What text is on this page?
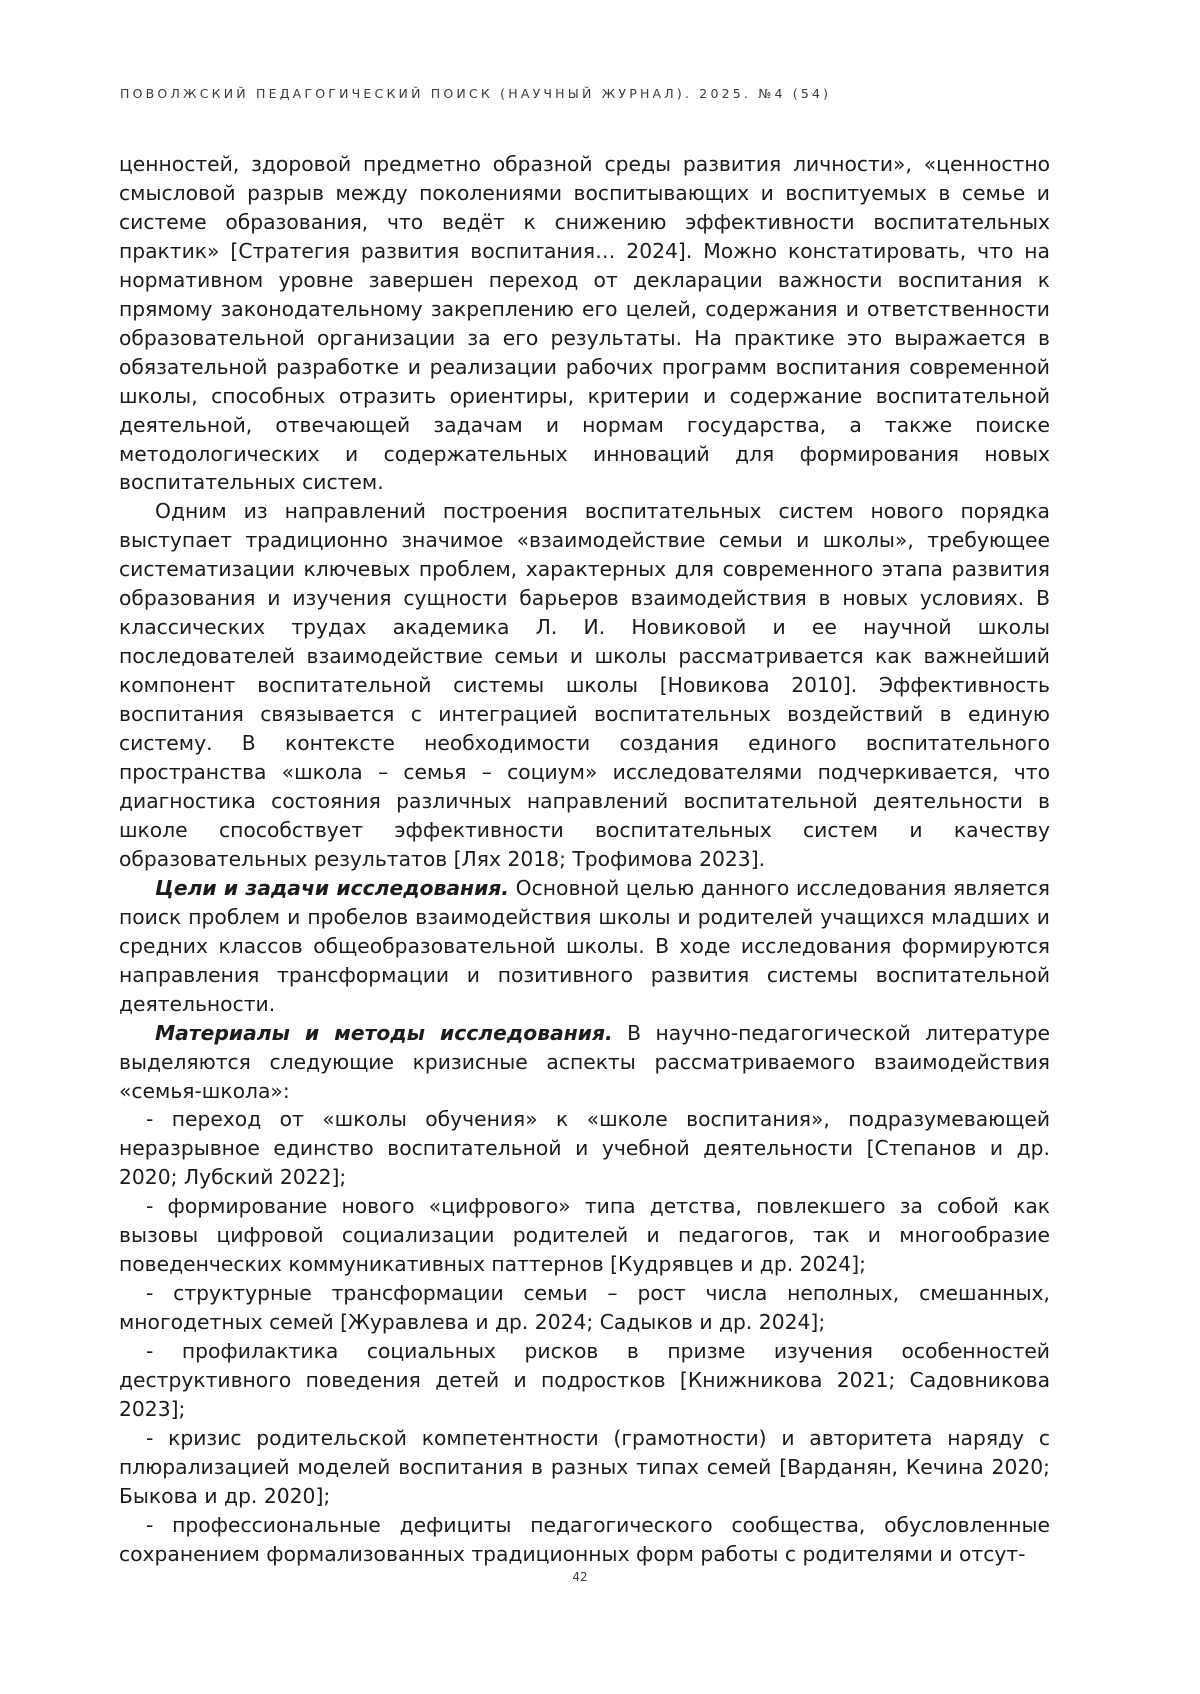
ПОВОЛЖСКИЙ ПЕДАГОГИЧЕСКИЙ ПОИСК (НАУЧНЫЙ ЖУРНАЛ). 2025. №4 (54)

ценностей, здоровой предметно образной среды развития личности», «ценностно смысловой разрыв между поколениями воспитывающих и воспитуемых в семье и системе образования, что ведёт к снижению эффективности воспитательных практик» [Стратегия развития воспитания… 2024]. Можно констатировать, что на нормативном уровне завершен переход от декларации важности воспитания к прямому законодательному закреплению его целей, содержания и ответственности образовательной организации за его результаты. На практике это выражается в обязательной разработке и реализации рабочих программ воспитания современной школы, способных отразить ориентиры, критерии и содержание воспитательной деятельной, отвечающей задачам и нормам государства, а также поиске методологических и содержательных инноваций для формирования новых воспитательных систем.

Одним из направлений построения воспитательных систем нового порядка выступает традиционно значимое «взаимодействие семьи и школы», требующее систематизации ключевых проблем, характерных для современного этапа развития образования и изучения сущности барьеров взаимодействия в новых условиях. В классических трудах академика Л. И. Новиковой и ее научной школы последователей взаимодействие семьи и школы рассматривается как важнейший компонент воспитательной системы школы [Новикова 2010]. Эффективность воспитания связывается с интеграцией воспитательных воздействий в единую систему. В контексте необходимости создания единого воспитательного пространства «школа – семья – социум» исследователями подчеркивается, что диагностика состояния различных направлений воспитательной деятельности в школе способствует эффективности воспитательных систем и качеству образовательных результатов [Лях 2018; Трофимова 2023].

Цели и задачи исследования. Основной целью данного исследования является поиск проблем и пробелов взаимодействия школы и родителей учащихся младших и средних классов общеобразовательной школы. В ходе исследования формируются направления трансформации и позитивного развития системы воспитательной деятельности.

Материалы и методы исследования. В научно-педагогической литературе выделяются следующие кризисные аспекты рассматриваемого взаимодействия «семья-школа»:

- переход от «школы обучения» к «школе воспитания», подразумевающей неразрывное единство воспитательной и учебной деятельности [Степанов и др. 2020; Лубский 2022];

- формирование нового «цифрового» типа детства, повлекшего за собой как вызовы цифровой социализации родителей и педагогов, так и многообразие поведенческих коммуникативных паттернов [Кудрявцев и др. 2024];

- структурные трансформации семьи – рост числа неполных, смешанных, многодетных семей [Журавлева и др. 2024; Садыков и др. 2024];

- профилактика социальных рисков в призме изучения особенностей деструктивного поведения детей и подростков [Книжникова 2021; Садовникова 2023];

- кризис родительской компетентности (грамотности) и авторитета наряду с плюрализацией моделей воспитания в разных типах семей [Варданян, Кечина 2020; Быкова и др. 2020];

- профессиональные дефициты педагогического сообщества, обусловленные сохранением формализованных традиционных форм работы с родителями и отсут-

42
